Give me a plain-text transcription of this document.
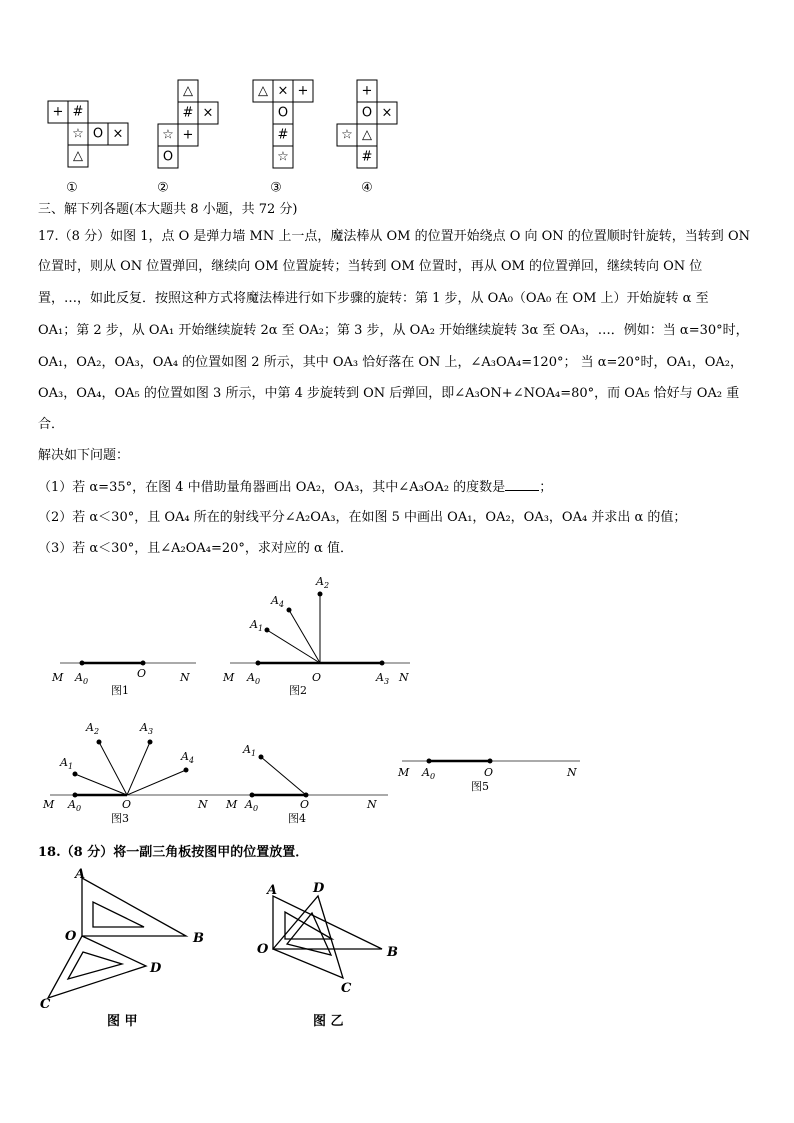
+ #
☆ O ×
△
△
# ×
☆ +
O
△ × +
O
#
☆
+
O ×
☆ △
#
①	②	③	④
三、解下列各题(本大题共 8 小题，共 72 分)
17.（8 分）如图 1，点 O 是弹力墙 MN 上一点，魔法棒从 OM 的位置开始绕点 O 向 ON 的位置顺时针旋转，当转到 ON
位置时，则从 ON 位置弹回，继续向 OM 位置旋转；当转到 OM 位置时，再从 OM 的位置弹回，继续转向 ON 位
置，…，如此反复．按照这种方式将魔法棒进行如下步骤的旋转：第 1 步，从 OA₀（OA₀ 在 OM 上）开始旋转 α 至
OA₁；第 2 步，从 OA₁ 开始继续旋转 2α 至 OA₂；第 3 步，从 OA₂ 开始继续旋转 3α 至 OA₃，…．例如：当 α=30°时，
OA₁，OA₂，OA₃，OA₄ 的位置如图 2 所示，其中 OA₃ 恰好落在 ON 上，∠A₃OA₄=120°； 当 α=20°时，OA₁，OA₂，
OA₃，OA₄，OA₅ 的位置如图 3 所示，中第 4 步旋转到 ON 后弹回，即∠A₃ON+∠NOA₄=80°，而 OA₅ 恰好与 OA₂ 重
合．
解决如下问题：
（1）若 α=35°，在图 4 中借助量角器画出 OA₂，OA₃，其中∠A₃OA₂ 的度数是	；
（2）若 α＜30°，且 OA₄ 所在的射线平分∠A₂OA₃，在如图 5 中画出 OA₁，OA₂，OA₃，OA₄ 并求出 α 的值；
（3）若 α＜30°，且∠A₂OA₄=20°，求对应的 α 值．
M $A_0$
O	N
图1
$A_1$
$A_4$
$A_2$
M $A_0$	O	$A_3$ N
图2
$A_1$
$A_2$	$A_3$
$A_4$
M $A_0$	O	N
图3
$A_1$
M $A_0$	O	N
图4
M $A_0$	O	N
图5
18.（8 分）将一副三角板按图甲的位置放置．
A
O	B
D
C
图 甲
A	D
O	B
C
图 乙
